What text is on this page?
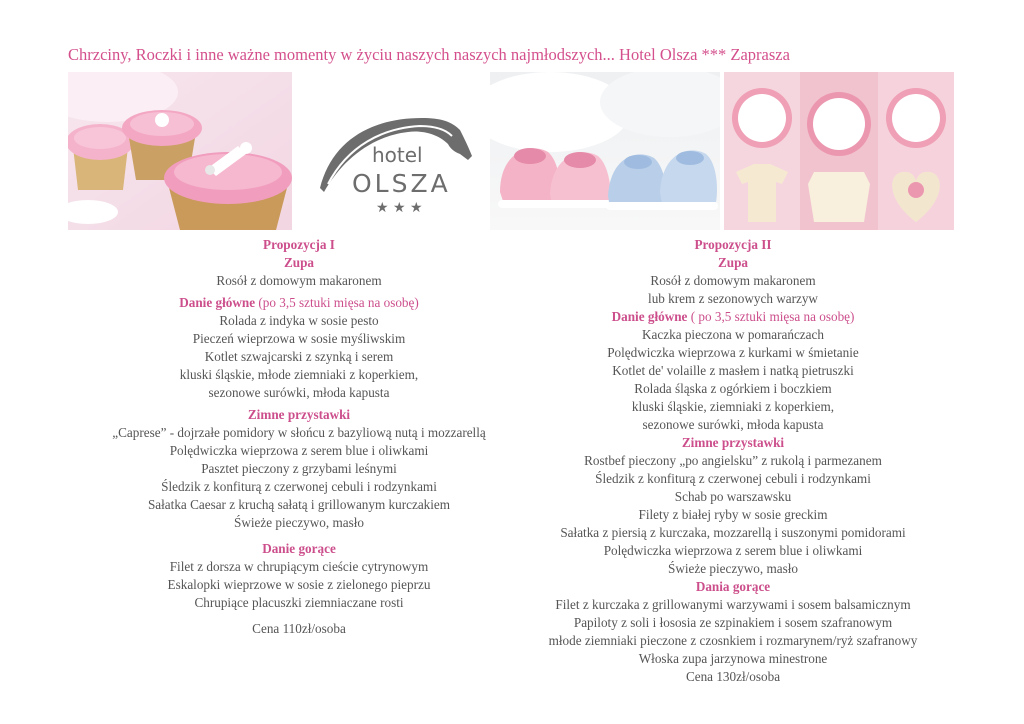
Chrzciny, Roczki i inne ważne momenty w życiu naszych naszych najmłodszych... Hotel Olsza *** Zaprasza
hotel
OLSZA
★ ★ ★
Propozycja I
Zupa
Rosół z domowym makaronem
Danie główne (po 3,5 sztuki mięsa na osobę)
Rolada z indyka w sosie pesto
Pieczeń wieprzowa w sosie myśliwskim
Kotlet szwajcarski z szynką i serem
kluski śląskie, młode ziemniaki z koperkiem,
sezonowe surówki, młoda kapusta
Zimne przystawki
„Caprese” - dojrzałe pomidory w słońcu z bazyliową nutą i mozzarellą
Polędwiczka wieprzowa z serem blue i oliwkami
Pasztet pieczony z grzybami leśnymi
Śledzik z konfiturą z czerwonej cebuli i rodzynkami
Sałatka Caesar z kruchą sałatą i grillowanym kurczakiem
Świeże pieczywo, masło
Danie gorące
Filet z dorsza w chrupiącym cieście cytrynowym
Eskalopki wieprzowe w sosie z zielonego pieprzu
Chrupiące placuszki ziemniaczane rosti
Cena 110zł/osoba
Propozycja II
Zupa
Rosół z domowym makaronem
lub krem z sezonowych warzyw
Danie główne ( po 3,5 sztuki mięsa na osobę)
Kaczka pieczona w pomarańczach
Polędwiczka wieprzowa z kurkami w śmietanie
Kotlet de' volaille z masłem i natką pietruszki
Rolada śląska z ogórkiem i boczkiem
kluski śląskie, ziemniaki z koperkiem,
sezonowe surówki, młoda kapusta
Zimne przystawki
Rostbef pieczony „po angielsku” z rukolą i parmezanem
Śledzik z konfiturą z czerwonej cebuli i rodzynkami
Schab po warszawsku
Filety z białej ryby w sosie greckim
Sałatka z piersią z kurczaka, mozzarellą i suszonymi pomidorami
Polędwiczka wieprzowa z serem blue i oliwkami
Świeże pieczywo, masło
Dania gorące
Filet z kurczaka z grillowanymi warzywami i sosem balsamicznym
Papiloty z soli i łososia ze szpinakiem i sosem szafranowym
młode ziemniaki pieczone z czosnkiem i rozmarynem/ryż szafranowy
Włoska zupa jarzynowa minestrone
Cena 130zł/osoba
